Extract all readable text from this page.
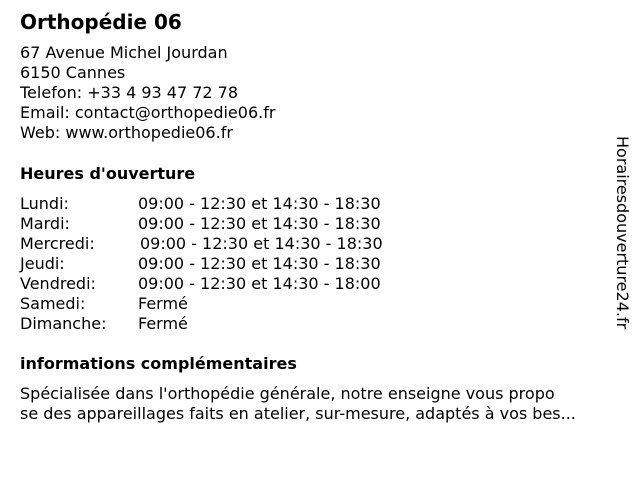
Orthopédie 06
67 Avenue Michel Jourdan
6150 Cannes
Telefon: +33 4 93 47 72 78
Email: contact@orthopedie06.fr
Web: www.orthopedie06.fr
Heures d'ouverture
Lundi:	09:00 - 12:30 et 14:30 - 18:30
Mardi:	09:00 - 12:30 et 14:30 - 18:30
Mercredi:	09:00 - 12:30 et 14:30 - 18:30
Jeudi:	09:00 - 12:30 et 14:30 - 18:30
Vendredi:	09:00 - 12:30 et 14:30 - 18:00
Samedi:	Fermé
Dimanche: Fermé
informations complémentaires
Spécialisée dans l'orthopédie générale, notre enseigne vous propo
se des appareillages faits en atelier, sur-mesure, adaptés à vos bes...
Horairesdouverture24.fr
